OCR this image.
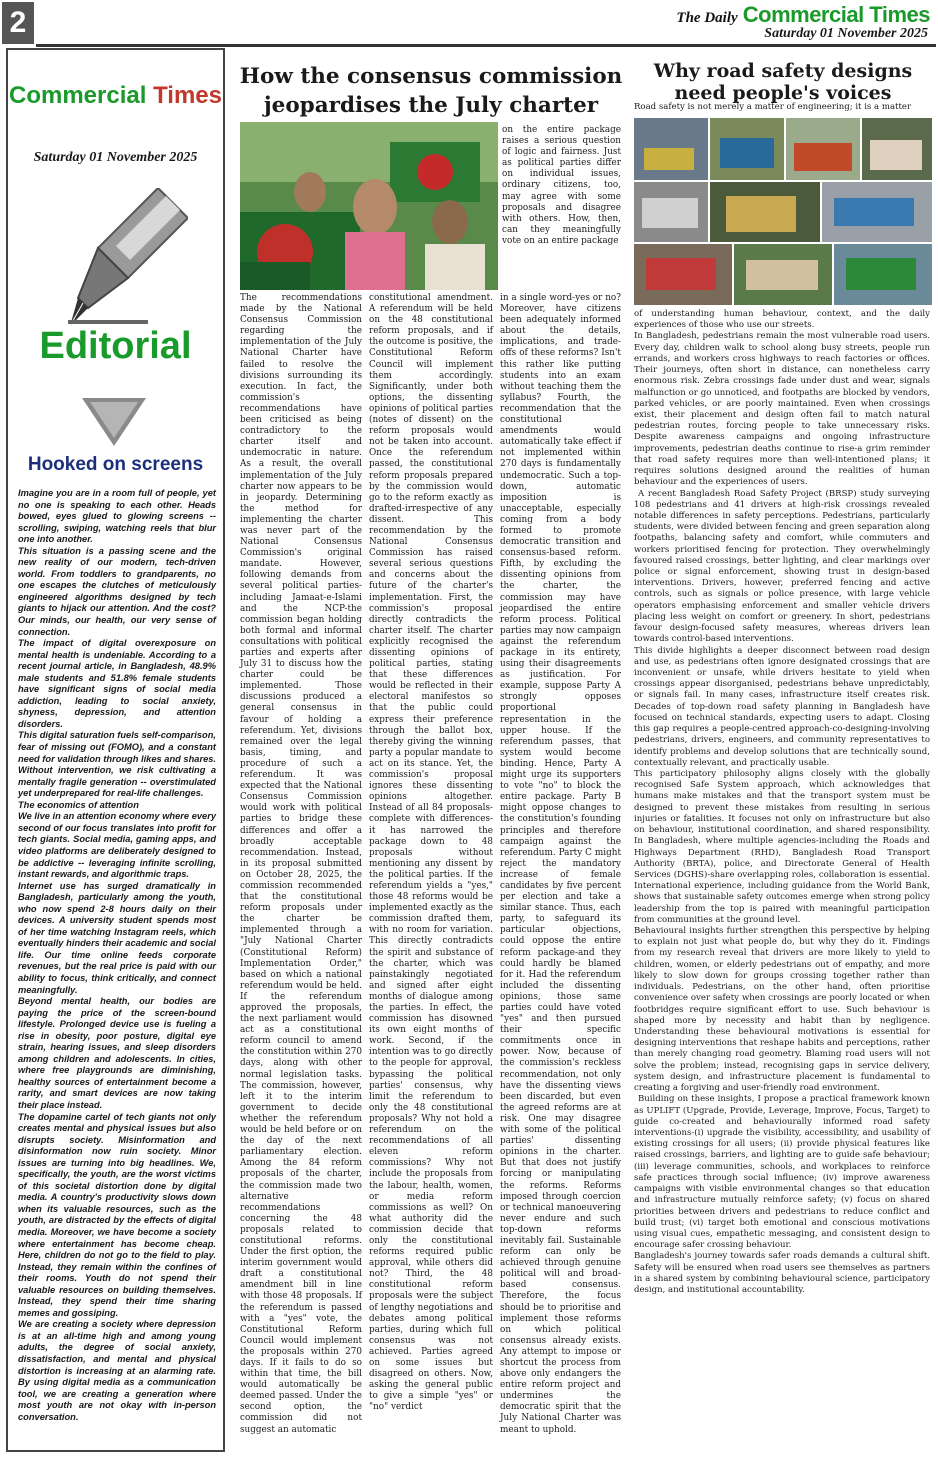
2	The Daily Commercial Times
Saturday 01 November 2025
Commercial Times
Saturday 01 November 2025
Editorial
Hooked on screens

Imagine you are in a room full of people, yet no one is speaking to each other. Heads bowed, eyes glued to glowing screens -- scrolling, swiping, watching reels that blur one into another.

This situation is a passing scene and the new reality of our modern, tech-driven world. From toddlers to grandparents, no one escapes the clutches of meticulously engineered algorithms designed by tech giants to hijack our attention. And the cost? Our minds, our health, our very sense of connection.

The impact of digital overexposure on mental health is undeniable. According to a recent journal article, in Bangladesh, 48.9% male students and 51.8% female students have significant signs of social media addiction, leading to social anxiety, shyness, depression, and attention disorders.

This digital saturation fuels self-comparison, fear of missing out (FOMO), and a constant need for validation through likes and shares. Without intervention, we risk cultivating a mentally fragile generation -- overstimulated yet underprepared for real-life challenges.

The economics of attention

We live in an attention economy where every second of our focus translates into profit for tech giants. Social media, gaming apps, and video platforms are deliberately designed to be addictive -- leveraging infinite scrolling, instant rewards, and algorithmic traps.

Internet use has surged dramatically in Bangladesh, particularly among the youth, who now spend 2-8 hours daily on their devices. A university student spends most of her time watching Instagram reels, which eventually hinders their academic and social life. Our time online feeds corporate revenues, but the real price is paid with our ability to focus, think critically, and connect meaningfully.

Beyond mental health, our bodies are paying the price of the screen-bound lifestyle. Prolonged device use is fueling a rise in obesity, poor posture, digital eye strain, hearing issues, and sleep disorders among children and adolescents. In cities, where free playgrounds are diminishing, healthy sources of entertainment become a rarity, and smart devices are now taking their place instead.

The dopamine cartel of tech giants not only creates mental and physical issues but also disrupts society. Misinformation and disinformation now ruin society. Minor issues are turning into big headlines. We, specifically, the youth, are the worst victims of this societal distortion done by digital media. A country's productivity slows down when its valuable resources, such as the youth, are distracted by the effects of digital media. Moreover, we have become a society where entertainment has become cheap. Here, children do not go to the field to play. Instead, they remain within the confines of their rooms. Youth do not spend their valuable resources on building themselves. Instead, they spend their time sharing memes and gossiping.

We are creating a society where depression is at an all-time high and among young adults, the degree of social anxiety, dissatisfaction, and mental and physical distortion is increasing at an alarming rate. By using digital media as a communication tool, we are creating a generation where most youth are not okay with in-person conversation.

How the consensus commission jeopardises the July charter
The recommendations made by the National Consensus Commission regarding the implementation of the July National Charter have failed to resolve the divisions surrounding its execution. In fact, the commission's recommendations have been criticised as being contradictory to the charter itself and undemocratic in nature. As a result, the overall implementation of the July charter now appears to be in jeopardy. Determining the method for implementing the charter was never part of the National Consensus Commission's original mandate. However, following demands from several political parties-including Jamaat-e-Islami and the NCP-the commission began holding both formal and informal consultations with political parties and experts after July 31 to discuss how the charter could be implemented. Those discussions produced a general consensus in favour of holding a referendum. Yet, divisions remained over the legal basis, timing, and procedure of such a referendum. It was expected that the National Consensus Commission would work with political parties to bridge these differences and offer a broadly acceptable recommendation. Instead, in its proposal submitted on October 28, 2025, the commission recommended that the constitutional reform proposals under the charter be implemented through a "July National Charter (Constitutional Reform) Implementation Order," based on which a national referendum would be held. If the referendum approved the proposals, the next parliament would act as a constitutional reform council to amend the constitution within 270 days, along with other normal legislation tasks. The commission, however, left it to the interim government to decide whether the referendum would be held before or on the day of the next parliamentary election. Among the 84 reform proposals of the charter, the commission made two alternative recommendations concerning the 48 proposals related to constitutional reforms. Under the first option, the interim government would draft a constitutional amendment bill in line with those 48 proposals. If the referendum is passed with a "yes" vote, the Constitutional Reform Council would implement the proposals within 270 days. If it fails to do so within that time, the bill would automatically be deemed passed. Under the second option, the commission did not suggest an automatic
constitutional amendment. A referendum will be held on the 48 constitutional reform proposals, and if the outcome is positive, the Constitutional Reform Council will implement them accordingly. Significantly, under both options, the dissenting opinions of political parties (notes of dissent) on the reform proposals would not be taken into account. Once the referendum passed, the constitutional reform proposals prepared by the commission would go to the reform exactly as drafted-irrespective of any dissent. This recommendation by the National Consensus Commission has raised several serious questions and concerns about the future of the charter's implementation. First, the commission's proposal directly contradicts the charter itself. The charter explicitly recognised the dissenting opinions of political parties, stating that these differences would be reflected in their electoral manifestos so that the public could express their preference through the ballot box, thereby giving the winning party a popular mandate to act on its stance. Yet, the commission's proposal ignores these dissenting opinions altogether. Instead of all 84 proposals-complete with differences-it has narrowed the package down to 48 proposals without mentioning any dissent by the political parties. If the referendum yields a "yes," those 48 reforms would be implemented exactly as the commission drafted them, with no room for variation. This directly contradicts the spirit and substance of the charter, which was painstakingly negotiated and signed after eight months of dialogue among the parties. In effect, the commission has disowned its own eight months of work. Second, if the intention was to go directly to the people for approval, bypassing the political parties' consensus, why limit the referendum to only the 48 constitutional proposals? Why not hold a referendum on the recommendations of all eleven reform commissions? Why not include the proposals from the labour, health, women, or media reform commissions as well? On what authority did the commission decide that only the constitutional reforms required public approval, while others did not? Third, the 48 constitutional reform proposals were the subject of lengthy negotiations and debates among political parties, during which full consensus was not achieved. Parties agreed on some issues but disagreed on others. Now, asking the general public to give a simple "yes" or "no" verdict
on the entire package raises a serious question of logic and fairness. Just as political parties differ on individual issues, ordinary citizens, too, may agree with some proposals and disagree with others. How, then, can they meaningfully vote on an entire package
in a single word-yes or no? Moreover, have citizens been adequately informed about the details, implications, and trade-offs of these reforms? Isn't this rather like putting students into an exam without teaching them the syllabus? Fourth, the recommendation that the constitutional amendments would automatically take effect if not implemented within 270 days is fundamentally undemocratic. Such a top-down, automatic imposition is unacceptable, especially coming from a body formed to promote democratic transition and consensus-based reform. Fifth, by excluding the dissenting opinions from the charter, the commission may have jeopardised the entire reform process. Political parties may now campaign against the referendum package in its entirety, using their disagreements as justification. For example, suppose Party A strongly opposes proportional representation in the upper house. If the referendum passes, that system would become binding. Hence, Party A might urge its supporters to vote "no" to block the entire package. Party B might oppose changes to the constitution's founding principles and therefore campaign against the referendum. Party C might reject the mandatory increase of female candidates by five percent per election and take a similar stance. Thus, each party, to safeguard its particular objections, could oppose the entire reform package-and they could hardly be blamed for it. Had the referendum included the dissenting opinions, those same parties could have voted "yes" and then pursued their specific commitments once in power. Now, because of the commission's reckless recommendation, not only have the dissenting views been discarded, but even the agreed reforms are at risk. One may disagree with some of the political parties' dissenting opinions in the charter. But that does not justify forcing or manipulating the reforms. Reforms imposed through coercion or technical manoeuvering never endure and such top-down reforms inevitably fail. Sustainable reform can only be achieved through genuine political will and broad-based consensus. Therefore, the focus should be to prioritise and implement those reforms on which political consensus already exists. Any attempt to impose or shortcut the process from above only endangers the entire reform project and undermines the democratic spirit that the July National Charter was meant to uphold.
Why road safety designs need people's voices
Road safety is not merely a matter of engineering; it is a matter

of understanding human behaviour, context, and the daily experiences of those who use our streets.

In Bangladesh, pedestrians remain the most vulnerable road users. Every day, children walk to school along busy streets, people run errands, and workers cross highways to reach factories or offices. Their journeys, often short in distance, can nonetheless carry enormous risk. Zebra crossings fade under dust and wear, signals malfunction or go unnoticed, and footpaths are blocked by vendors, parked vehicles, or are poorly maintained. Even when crossings exist, their placement and design often fail to match natural pedestrian routes, forcing people to take unnecessary risks. Despite awareness campaigns and ongoing infrastructure improvements, pedestrian deaths continue to rise-a grim reminder that road safety requires more than well-intentioned plans; it requires solutions designed around the realities of human behaviour and the experiences of users.

A recent Bangladesh Road Safety Project (BRSP) study surveying 108 pedestrians and 41 drivers at high-risk crossings revealed notable differences in safety perceptions. Pedestrians, particularly students, were divided between fencing and green separation along footpaths, balancing safety and comfort, while commuters and workers prioritised fencing for protection. They overwhelmingly favoured raised crossings, better lighting, and clear markings over police or signal enforcement, showing trust in design-based interventions. Drivers, however, preferred fencing and active controls, such as signals or police presence, with large vehicle operators emphasising enforcement and smaller vehicle drivers placing less weight on comfort or greenery. In short, pedestrians favour design-focused safety measures, whereas drivers lean towards control-based interventions.

This divide highlights a deeper disconnect between road design and use, as pedestrians often ignore designated crossings that are inconvenient or unsafe, while drivers hesitate to yield when crossings appear disorganised, pedestrians behave unpredictably, or signals fail. In many cases, infrastructure itself creates risk. Decades of top-down road safety planning in Bangladesh have focused on technical standards, expecting users to adapt. Closing this gap requires a people-centred approach-co-designing-involving pedestrians, drivers, engineers, and community representatives to identify problems and develop solutions that are technically sound, contextually relevant, and practically usable.

This participatory philosophy aligns closely with the globally recognised Safe System approach, which acknowledges that humans make mistakes and that the transport system must be designed to prevent these mistakes from resulting in serious injuries or fatalities. It focuses not only on infrastructure but also on behaviour, institutional coordination, and shared responsibility. In Bangladesh, where multiple agencies-including the Roads and Highways Department (RHD), Bangladesh Road Transport Authority (BRTA), police, and Directorate General of Health Services (DGHS)-share overlapping roles, collaboration is essential. International experience, including guidance from the World Bank, shows that sustainable safety outcomes emerge when strong policy leadership from the top is paired with meaningful participation from communities at the ground level.

Behavioural insights further strengthen this perspective by helping to explain not just what people do, but why they do it. Findings from my research reveal that drivers are more likely to yield to children, women, or elderly pedestrians out of empathy, and more likely to slow down for groups crossing together rather than individuals. Pedestrians, on the other hand, often prioritise convenience over safety when crossings are poorly located or when footbridges require significant effort to use. Such behaviour is shaped more by necessity and habit than by negligence. Understanding these behavioural motivations is essential for designing interventions that reshape habits and perceptions, rather than merely changing road geometry. Blaming road users will not solve the problem; instead, recognising gaps in service delivery, system design, and infrastructure placement is fundamental to creating a forgiving and user-friendly road environment.

Building on these insights, I propose a practical framework known as UPLIFT (Upgrade, Provide, Leverage, Improve, Focus, Target) to guide co-created and behaviourally informed road safety interventions-(i) upgrade the visibility, accessibility, and usability of existing crossings for all users; (ii) provide physical features like raised crossings, barriers, and lighting are to guide safe behaviour; (iii) leverage communities, schools, and workplaces to reinforce safe practices through social influence; (iv) improve awareness campaigns with visible environmental changes so that education and infrastructure mutually reinforce safety; (v) focus on shared priorities between drivers and pedestrians to reduce conflict and build trust; (vi) target both emotional and conscious motivations using visual cues, empathetic messaging, and consistent design to encourage safer crossing behaviour.

Bangladesh's journey towards safer roads demands a cultural shift. Safety will be ensured when road users see themselves as partners in a shared system by combining behavioural science, participatory design, and institutional accountability.
